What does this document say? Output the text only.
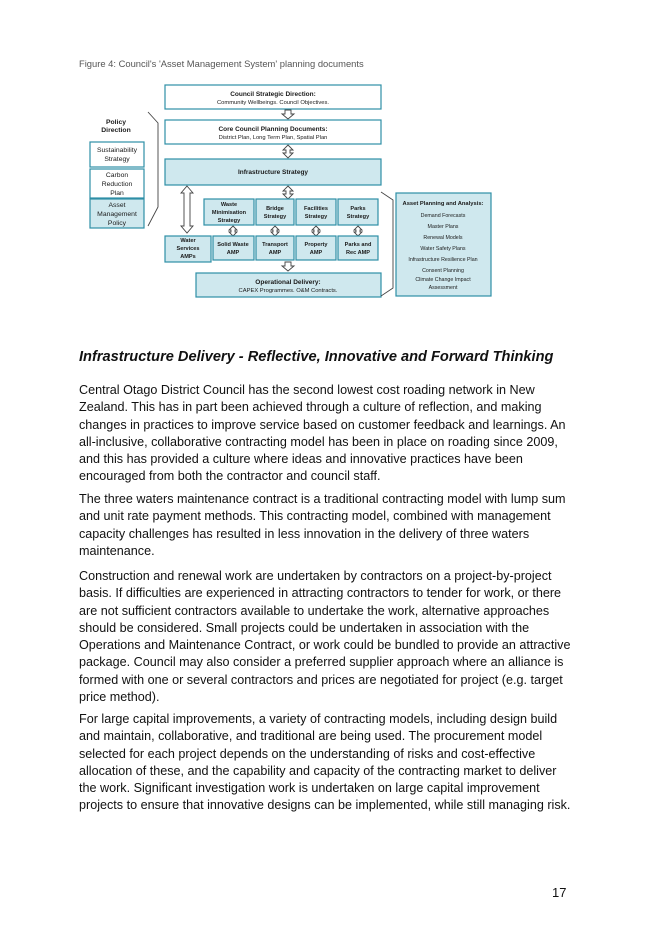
Figure 4: Council's 'Asset Management System' planning documents
Council Strategic Direction:
Community Wellbeings. Council Objectives.
Core Council Planning Documents:
District Plan, Long Term Plan, Spatial Plan
Infrastructure Strategy
Policy
Direction
Sustainability
Strategy
Carbon
Reduction
Plan
Asset
Management
Policy
Waste
Minimisation
Strategy
Bridge
Strategy
Facilities
Strategy
Parks
Strategy
Water
Services
AMPs
Solid Waste
AMP
Transport
AMP
Property
AMP
Parks and
Rec AMP
Operational Delivery:
CAPEX Programmes. O&M Contracts.
Asset Planning and Analysis:
Demand Forecasts
Master Plans
Renewal Models
Water Safety Plans
Infrastructure Resilience Plan
Consent Planning
Climate Change Impact
Assessment
Infrastructure Delivery - Reflective, Innovative and Forward Thinking

Central Otago District Council has the second lowest cost roading network in New Zealand. This has in part been achieved through a culture of reflection, and making changes in practices to improve service based on customer feedback and learnings. An all-inclusive, collaborative contracting model has been in place on roading since 2009, and this has provided a culture where ideas and innovative practices have been encouraged from both the contractor and council staff.

The three waters maintenance contract is a traditional contracting model with lump sum and unit rate payment methods. This contracting model, combined with management capacity challenges has resulted in less innovation in the delivery of three waters maintenance.

Construction and renewal work are undertaken by contractors on a project-by-project basis. If difficulties are experienced in attracting contractors to tender for work, or there are not sufficient contractors available to undertake the work, alternative approaches should be considered. Small projects could be undertaken in association with the Operations and Maintenance Contract, or work could be bundled to provide an attractive package. Council may also consider a preferred supplier approach where an alliance is formed with one or several contractors and prices are negotiated for project (e.g. target price method).

For large capital improvements, a variety of contracting models, including design build and maintain, collaborative, and traditional are being used. The procurement model selected for each project depends on the understanding of risks and cost-effective allocation of these, and the capability and capacity of the contracting market to deliver the work. Significant investigation work is undertaken on large capital improvement projects to ensure that innovative designs can be implemented, while still managing risk.

17
